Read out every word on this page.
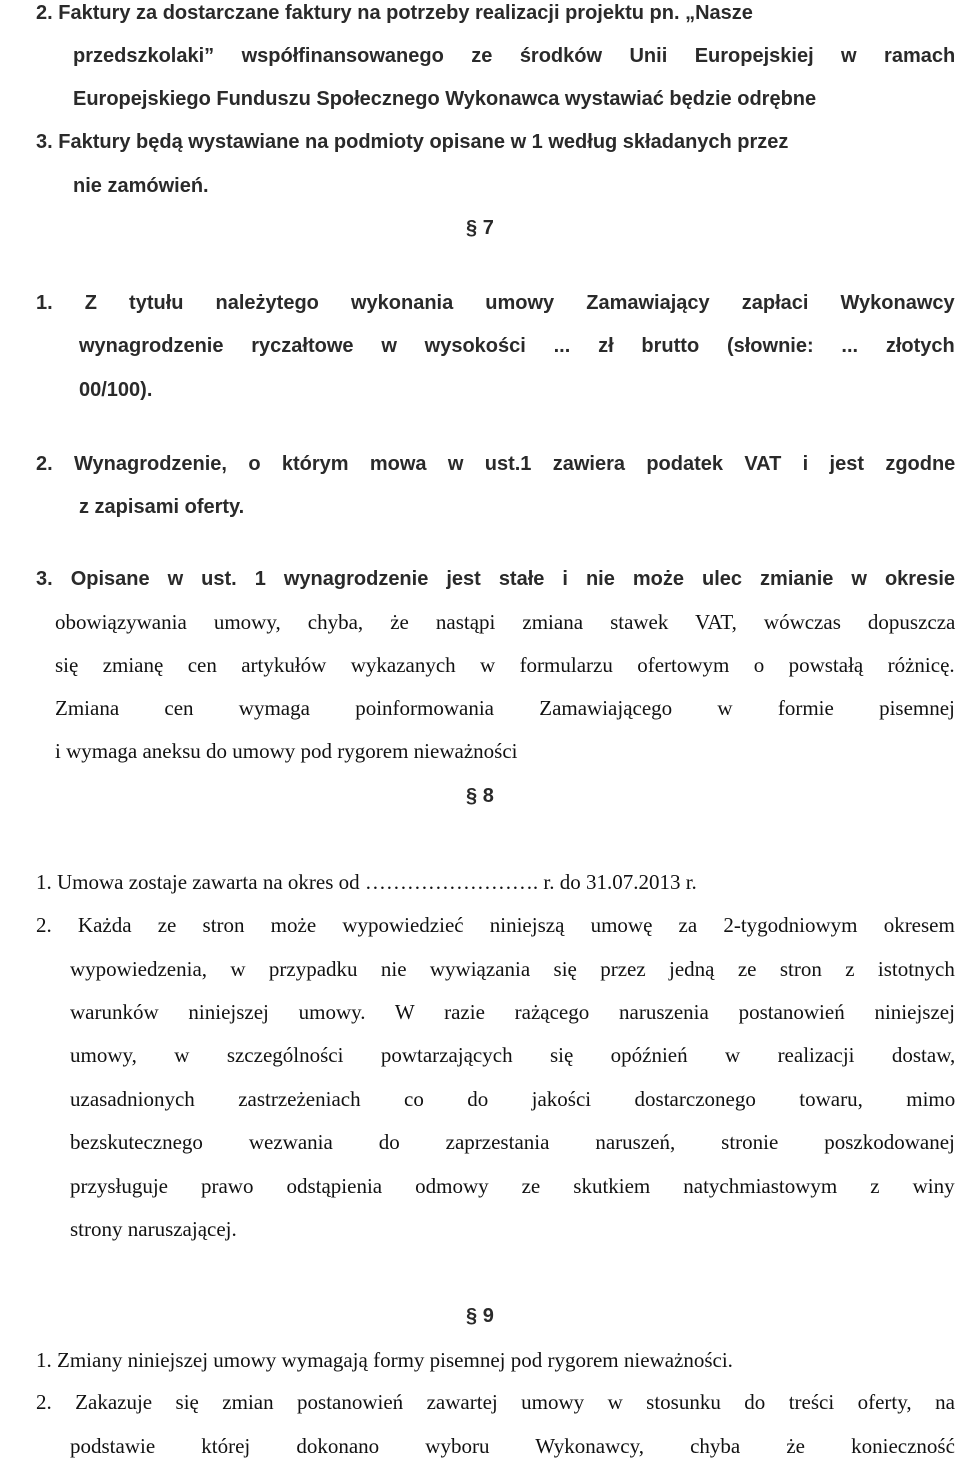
2. Faktury za dostarczane faktury na potrzeby realizacji projektu pn. „Nasze
przedszkolaki” współfinansowanego ze środków Unii Europejskiej w ramach
Europejskiego Funduszu Społecznego Wykonawca wystawiać będzie odrębne
3. Faktury będą wystawiane na podmioty opisane w 1 według składanych przez
nie zamówień.
§ 7
1. Z tytułu należytego wykonania umowy Zamawiający zapłaci Wykonawcy
wynagrodzenie ryczałtowe w wysokości ... zł brutto (słownie: ... złotych
00/100).
2. Wynagrodzenie, o którym mowa w ust.1 zawiera podatek VAT i jest zgodne
z zapisami oferty.
3. Opisane w ust. 1 wynagrodzenie jest stałe i nie może ulec zmianie w okresie
obowiązywania umowy, chyba, że nastąpi zmiana stawek VAT, wówczas dopuszcza
się zmianę cen artykułów wykazanych w formularzu ofertowym o powstałą różnicę.
Zmiana cen wymaga poinformowania Zamawiającego w formie pisemnej
i wymaga aneksu do umowy pod rygorem nieważności
§ 8
1. Umowa zostaje zawarta na okres od ……………………. r. do 31.07.2013 r.
2. Każda ze stron może wypowiedzieć niniejszą umowę za 2-tygodniowym okresem
wypowiedzenia, w przypadku nie wywiązania się przez jedną ze stron z istotnych
warunków niniejszej umowy. W razie rażącego naruszenia postanowień niniejszej
umowy, w szczególności powtarzających się opóźnień w realizacji dostaw,
uzasadnionych zastrzeżeniach co do jakości dostarczonego towaru, mimo
bezskutecznego wezwania do zaprzestania naruszeń, stronie poszkodowanej
przysługuje prawo odstąpienia odmowy ze skutkiem natychmiastowym z winy
strony naruszającej.
§ 9
1. Zmiany niniejszej umowy wymagają formy pisemnej pod rygorem nieważności.
2. Zakazuje się zmian postanowień zawartej umowy w stosunku do treści oferty, na
podstawie której dokonano wyboru Wykonawcy, chyba że konieczność
